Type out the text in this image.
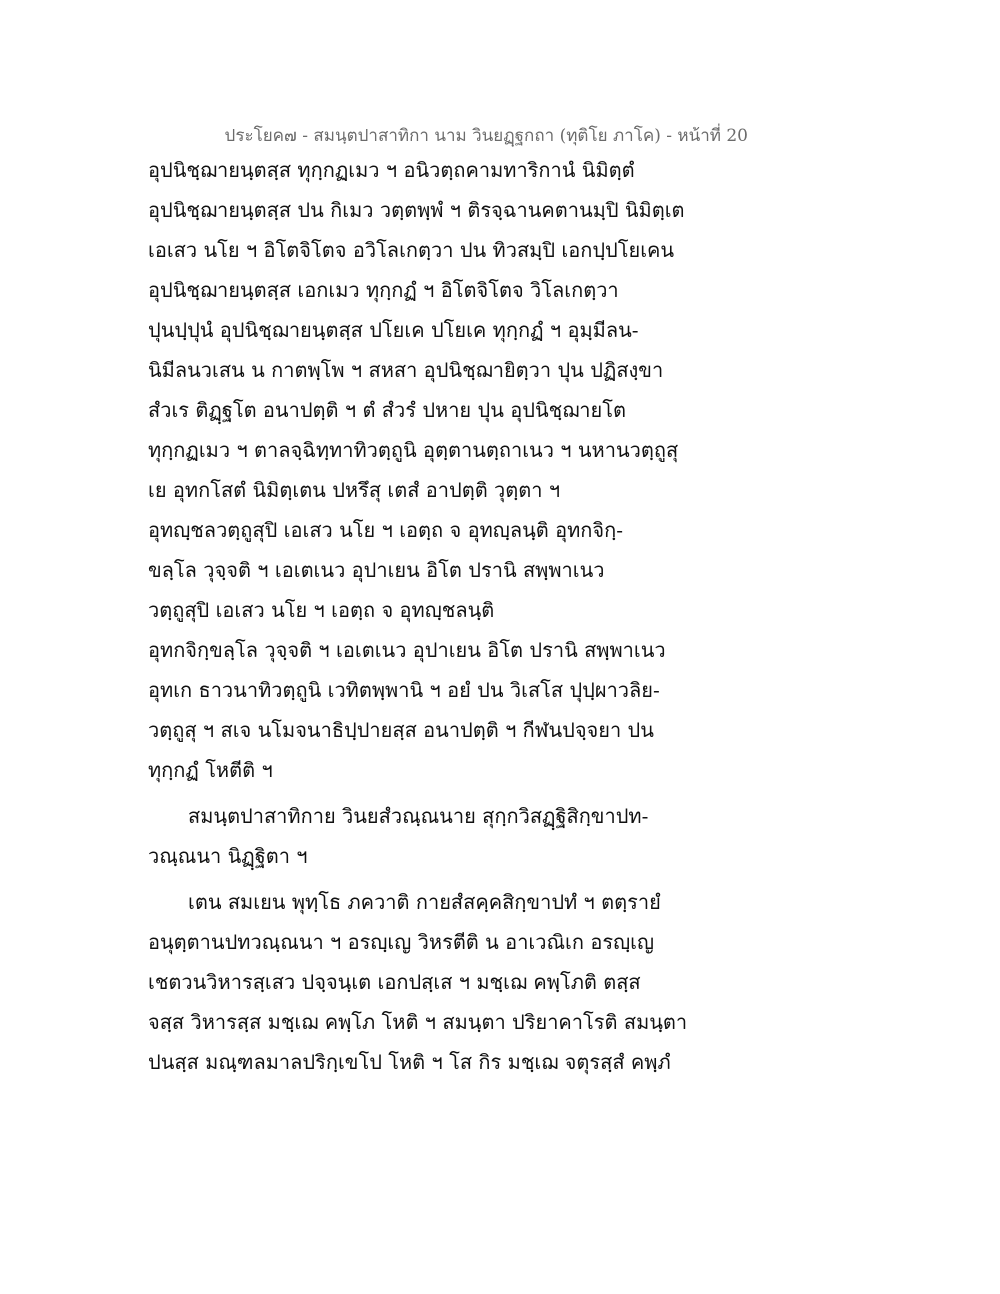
ประโยค๗ - สมนฺตปาสาทิกา นาม วินยฏฺฐกถา (ทุติโย ภาโค) - หน้าที่ 20
อุปนิชฺฌายนฺตสฺส ทุกฺกฏเมว ฯ อนิวตฺถคามทาริกานํ นิมิตฺตํ
อุปนิชฺฌายนฺตสฺส ปน กิเมว วตฺตพฺพํ ฯ ติรจฺฉานคตานมฺปิ นิมิตฺเต
เอเสว นโย ฯ อิโตจิโตจ อวิโลเกตฺวา ปน ทิวสมฺปิ เอกปฺปโยเคน
อุปนิชฺฌายนฺตสฺส เอกเมว ทุกฺกฏํ ฯ อิโตจิโตจ วิโลเกตฺวา
ปุนปฺปุนํ อุปนิชฺฌายนฺตสฺส ปโยเค ปโยเค ทุกฺกฏํ ฯ อุมฺมีลน-
นิมีลนวเสน น กาตพฺโพ ฯ สหสา อุปนิชฺฌายิตฺวา ปุน ปฏิสงฺขา
สํวเร ติฏฺฐโต อนาปตฺติ ฯ ตํ สํวรํ ปหาย ปุน อุปนิชฺฌายโต
ทุกฺกฏเมว ฯ ตาลจฺฉิทฺทาทิวตฺถูนิ อุตฺตานตฺถาเนว ฯ นหานวตฺถูสุ
เย อุทกโสตํ นิมิตฺเตน ปหรึสุ เตสํ อาปตฺติ วุตฺตา ฯ
อุทญฺชลวตฺถูสุปิ เอเสว นโย ฯ เอตฺถ จ อุทญฺลนฺติ อุทกจิกฺ-
ขลฺโล วุจฺจติ ฯ เอเตเนว อุปาเยน อิโต ปรานิ สพฺพาเนว
วตฺถูสุปิ เอเสว นโย ฯ เอตฺถ จ อุทญฺชลนฺติ
อุทกจิกฺขลฺโล วุจฺจติ ฯ เอเตเนว อุปาเยน อิโต ปรานิ สพฺพาเนว
อุทเก ธาวนาทิวตฺถูนิ เวทิตพฺพานิ ฯ อยํ ปน วิเสโส ปุปฺผาวลิย-
วตฺถูสุ ฯ สเจ นโมจนาธิปฺปายสฺส อนาปตฺติ ฯ กีฬนปจฺจยา ปน
ทุกฺกฏํ โหตีติ ฯ
สมนฺตปาสาทิกาย วินยสํวณฺณนาย สุกฺกวิสฏฺฐิสิกฺขาปท-
วณฺณนา นิฏฺฐิตา ฯ
เตน สมเยน พุทฺโธ ภควาติ กายสํสคฺคสิกฺขาปทํ ฯ ตตฺรายํ
อนุตฺตานปทวณฺณนา ฯ อรญฺเญ วิหรตีติ น อาเวณิเก อรญฺเญ
เชตวนวิหารสฺเสว ปจฺจนฺเต เอกปสฺเส ฯ มชฺเฌ คพฺโภติ ตสฺส
จสฺส วิหารสฺส มชฺเฌ คพฺโภ โหติ ฯ สมนฺตา ปริยาคาโรติ สมนฺตา
ปนสฺส มณฺฑลมาลปริกฺเขโป โหติ ฯ โส กิร มชฺเฌ จตุรสฺสํ คพฺภํ
